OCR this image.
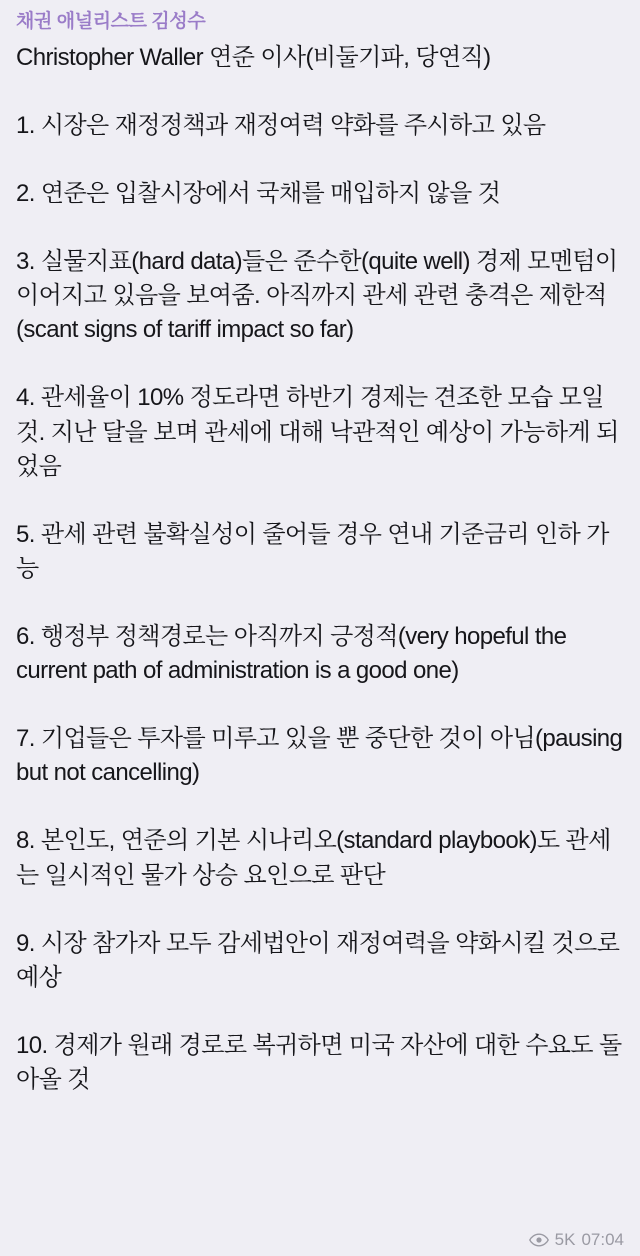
채권 애널리스트 김성수
Christopher Waller 연준 이사(비둘기파, 당연직)

1. 시장은 재정정책과 재정여력 약화를 주시하고 있음

2. 연준은 입찰시장에서 국채를 매입하지 않을 것

3. 실물지표(hard data)들은 준수한(quite well) 경제 모멘텀이 이어지고 있음을 보여줌. 아직까지 관세 관련 충격은 제한적(scant signs of tariff impact so far)

4. 관세율이 10% 정도라면 하반기 경제는 견조한 모습 모일 것. 지난 달을 보며 관세에 대해 낙관적인 예상이 가능하게 되었음

5. 관세 관련 불확실성이 줄어들 경우 연내 기준금리 인하 가능

6. 행정부 정책경로는 아직까지 긍정적(very hopeful the current path of administration is a good one)

7. 기업들은 투자를 미루고 있을 뿐 중단한 것이 아님(pausing but not cancelling)

8. 본인도, 연준의 기본 시나리오(standard playbook)도 관세는 일시적인 물가 상승 요인으로 판단

9. 시장 참가자 모두 감세법안이 재정여력을 약화시킬 것으로 예상

10. 경제가 원래 경로로 복귀하면 미국 자산에 대한 수요도 돌아올 것
5K 07:04
